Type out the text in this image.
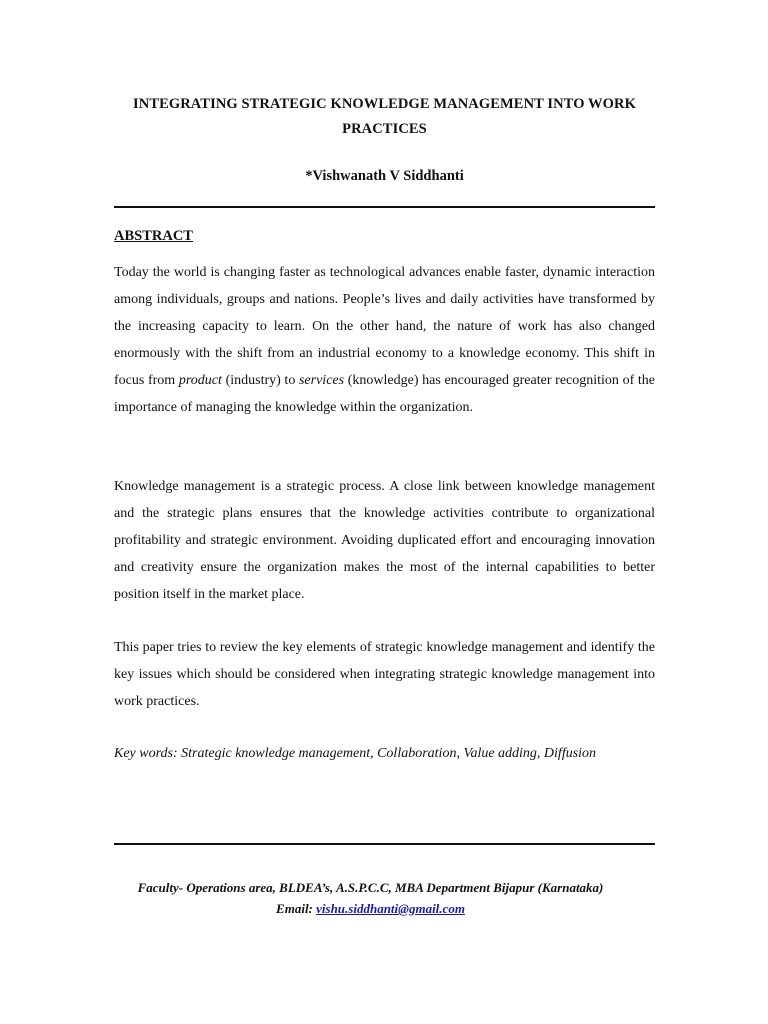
INTEGRATING STRATEGIC KNOWLEDGE MANAGEMENT INTO WORK
PRACTICES
*Vishwanath V Siddhanti
ABSTRACT

Today the world is changing faster as technological advances enable faster, dynamic interaction among individuals, groups and nations. People’s lives and daily activities have transformed by the increasing capacity to learn. On the other hand, the nature of work has also changed enormously with the shift from an industrial economy to a knowledge economy. This shift in focus from product (industry) to services (knowledge) has encouraged greater recognition of the importance of managing the knowledge within the organization.

Knowledge management is a strategic process. A close link between knowledge management and the strategic plans ensures that the knowledge activities contribute to organizational profitability and strategic environment. Avoiding duplicated effort and encouraging innovation and creativity ensure the organization makes the most of the internal capabilities to better position itself in the market place.

This paper tries to review the key elements of strategic knowledge management and identify the key issues which should be considered when integrating strategic knowledge management into work practices.

Key words: Strategic knowledge management, Collaboration, Value adding, Diffusion
Faculty- Operations area, BLDEA’s, A.S.P.C.C, MBA Department Bijapur (Karnataka)
Email: vishu.siddhanti@gmail.com
